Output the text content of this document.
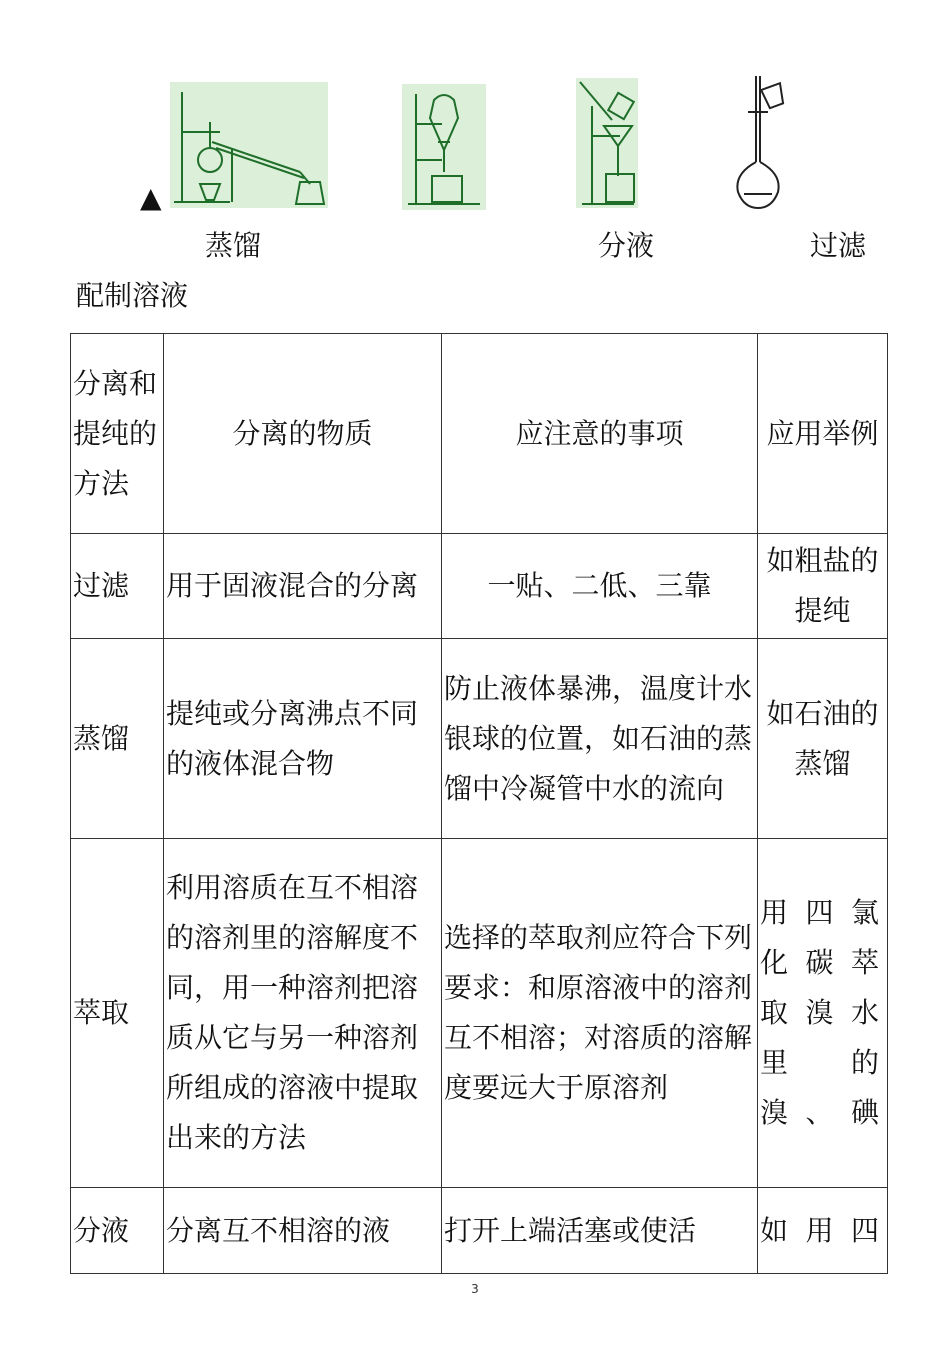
▲
蒸馏	分液	过滤
配制溶液
分离和提纯的方法	分离的物质	应注意的事项	应用举例
过滤	用于固液混合的分离	一贴、二低、三靠	如粗盐的提纯
蒸馏	提纯或分离沸点不同的液体混合物	防止液体暴沸，温度计水银球的位置，如石油的蒸馏中冷凝管中水的流向	如石油的蒸馏
萃取	利用溶质在互不相溶的溶剂里的溶解度不同，用一种溶剂把溶质从它与另一种溶剂所组成的溶液中提取出来的方法	选择的萃取剂应符合下列要求：和原溶液中的溶剂互不相溶；对溶质的溶解度要远大于原溶剂	用四氯化碳萃取溴水里的溴、碘
分液	分离互不相溶的液	打开上端活塞或使活	如用四
3
